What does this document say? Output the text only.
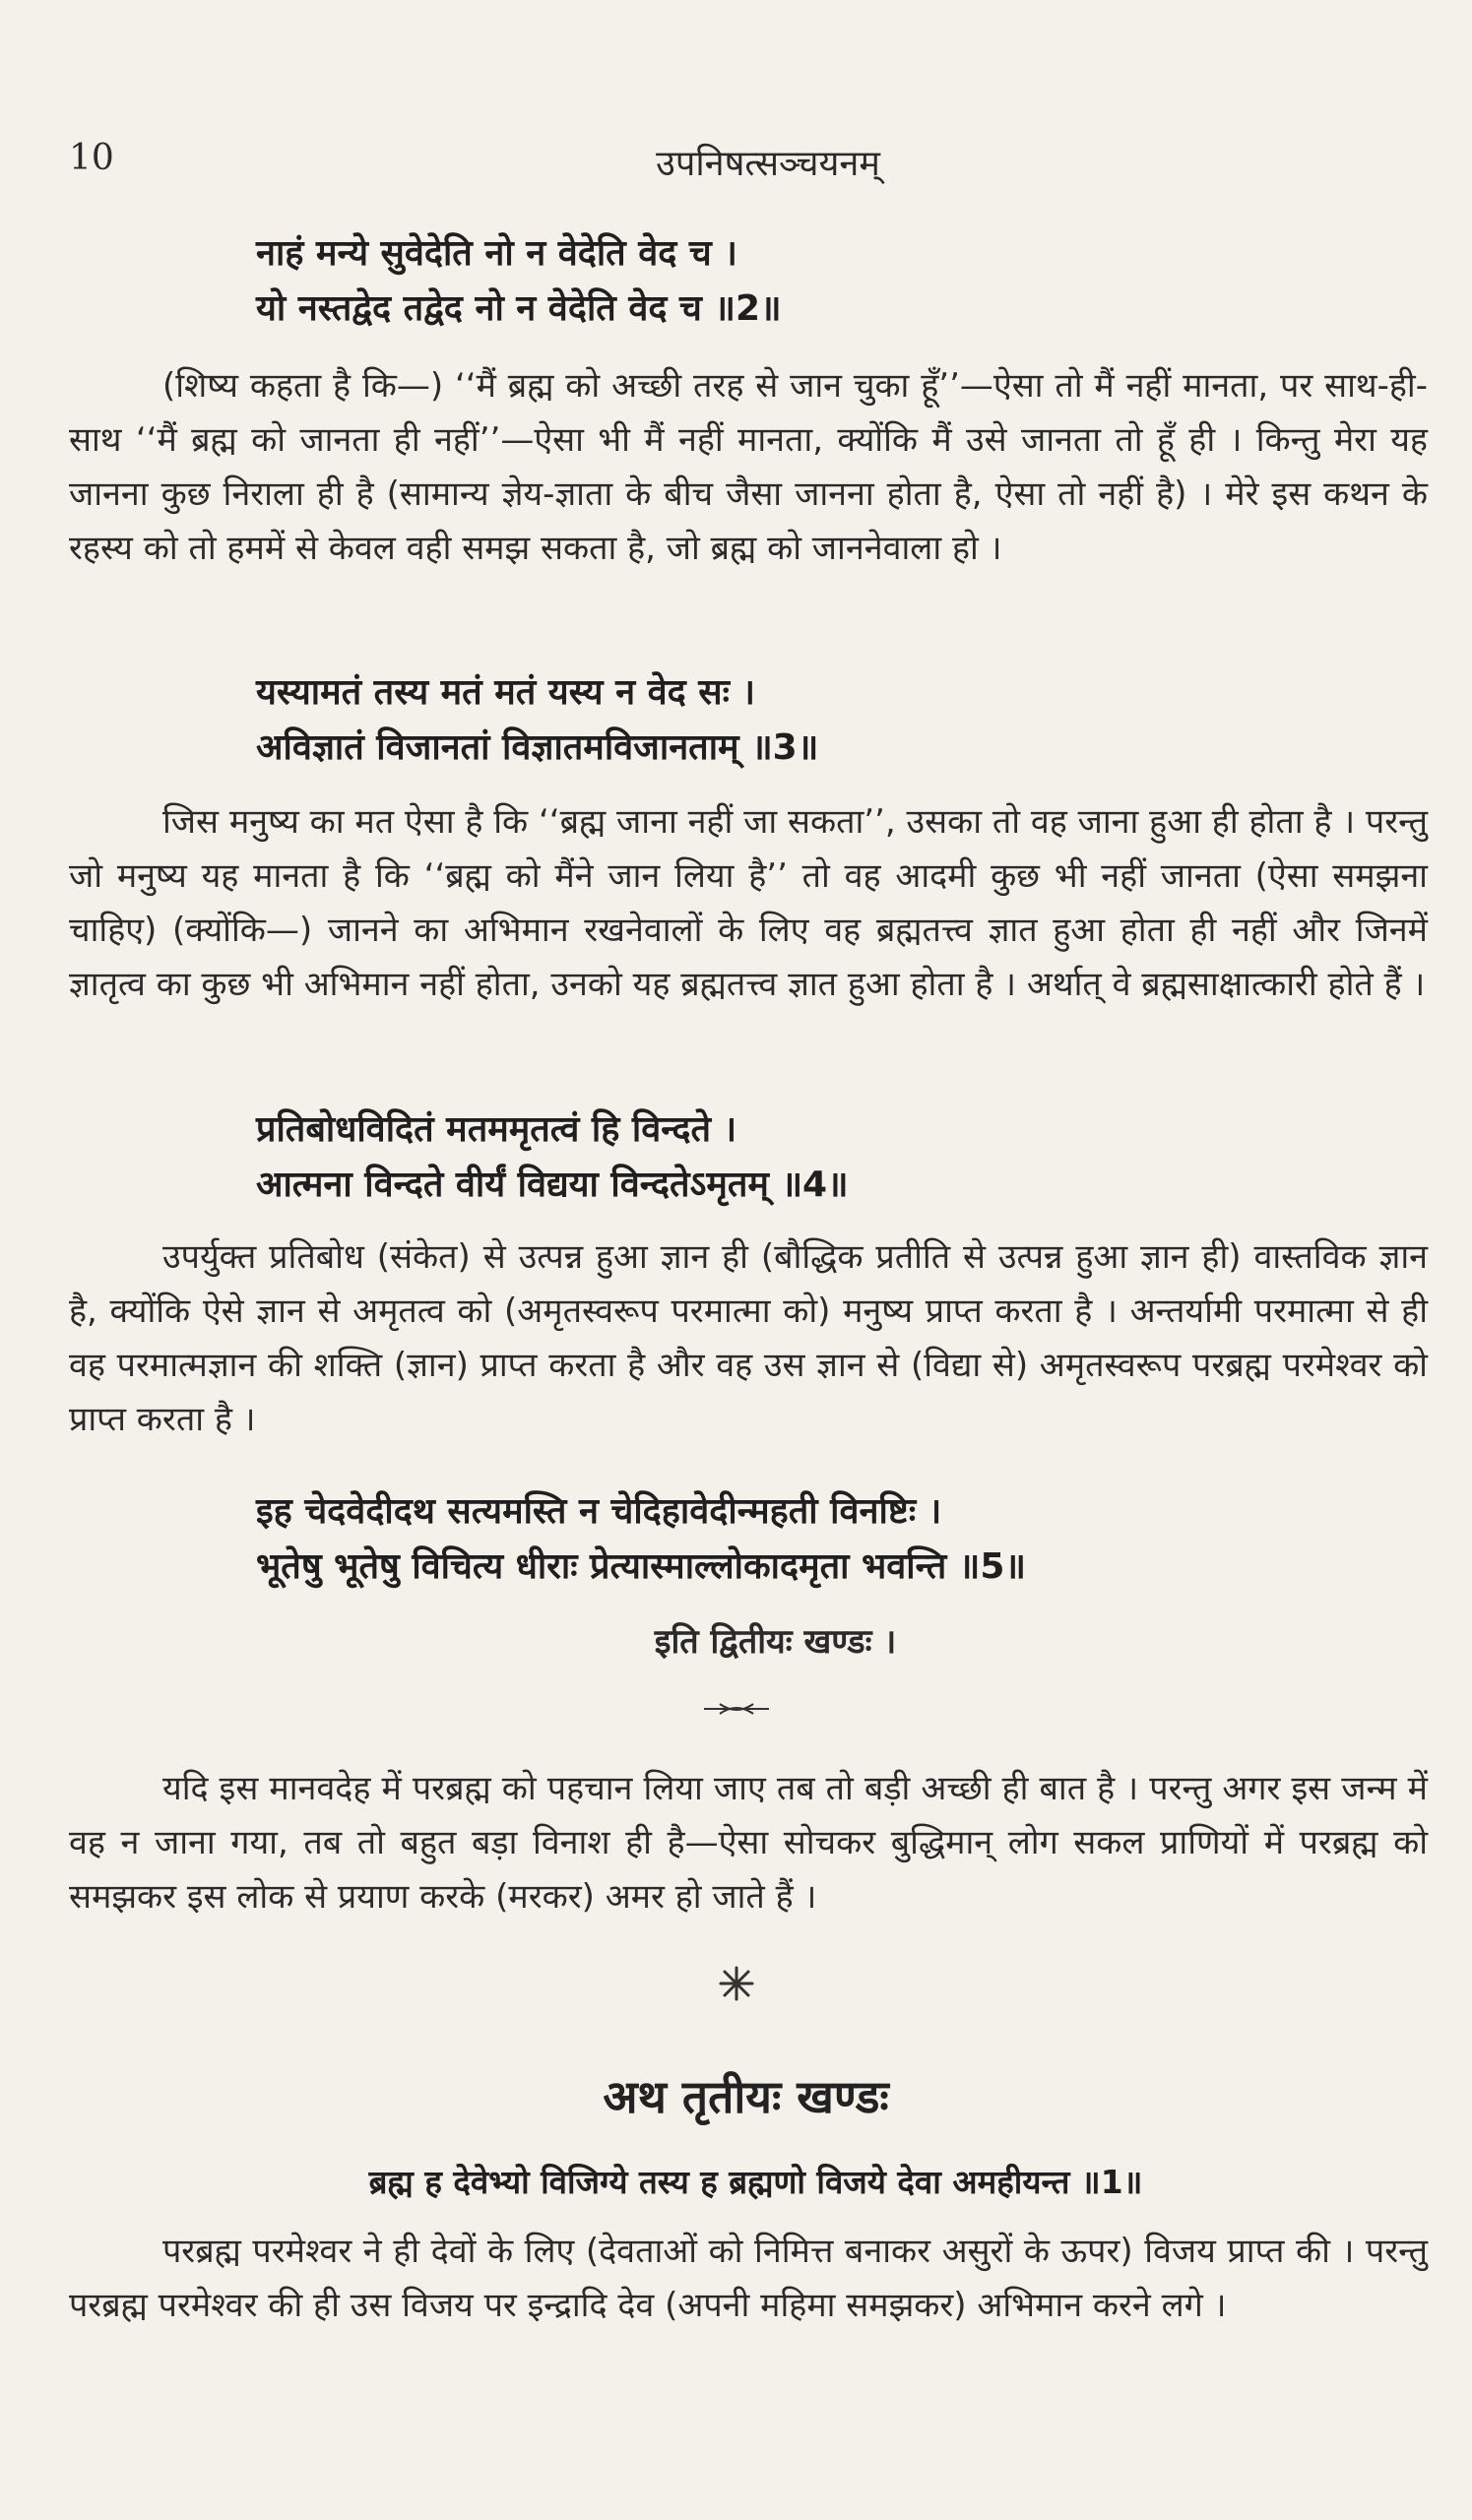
10	उपनिषत्सञ्चयनम्
नाहं मन्ये सुवेदेति नो न वेदेति वेद च ।
यो नस्तद्वेद तद्वेद नो न वेदेति वेद च ॥2॥

(शिष्य कहता है कि—) ‘‘मैं ब्रह्म को अच्छी तरह से जान चुका हूँ’’—ऐसा तो मैं नहीं मानता, पर साथ-ही-साथ ‘‘मैं ब्रह्म को जानता ही नहीं’’—ऐसा भी मैं नहीं मानता, क्योंकि मैं उसे जानता तो हूँ ही । किन्तु मेरा यह जानना कुछ निराला ही है (सामान्य ज्ञेय-ज्ञाता के बीच जैसा जानना होता है, ऐसा तो नहीं है) । मेरे इस कथन के रहस्य को तो हममें से केवल वही समझ सकता है, जो ब्रह्म को जाननेवाला हो ।

यस्यामतं तस्य मतं मतं यस्य न वेद सः ।
अविज्ञातं विजानतां विज्ञातमविजानताम् ॥3॥

जिस मनुष्य का मत ऐसा है कि ‘‘ब्रह्म जाना नहीं जा सकता’’, उसका तो वह जाना हुआ ही होता है । परन्तु जो मनुष्य यह मानता है कि ‘‘ब्रह्म को मैंने जान लिया है’’ तो वह आदमी कुछ भी नहीं जानता (ऐसा समझना चाहिए) (क्योंकि—) जानने का अभिमान रखनेवालों के लिए वह ब्रह्मतत्त्व ज्ञात हुआ होता ही नहीं और जिनमें ज्ञातृत्व का कुछ भी अभिमान नहीं होता, उनको यह ब्रह्मतत्त्व ज्ञात हुआ होता है । अर्थात् वे ब्रह्मसाक्षात्कारी होते हैं ।

प्रतिबोधविदितं मतममृतत्वं हि विन्दते ।
आत्मना विन्दते वीर्यं विद्यया विन्दतेऽमृतम् ॥4॥

उपर्युक्त प्रतिबोध (संकेत) से उत्पन्न हुआ ज्ञान ही (बौद्धिक प्रतीति से उत्पन्न हुआ ज्ञान ही) वास्तविक ज्ञान है, क्योंकि ऐसे ज्ञान से अमृतत्व को (अमृतस्वरूप परमात्मा को) मनुष्य प्राप्त करता है । अन्तर्यामी परमात्मा से ही वह परमात्मज्ञान की शक्ति (ज्ञान) प्राप्त करता है और वह उस ज्ञान से (विद्या से) अमृतस्वरूप परब्रह्म परमेश्वर को प्राप्त करता है ।

इह चेदवेदीदथ सत्यमस्ति न चेदिहावेदीन्महती विनष्टिः ।
भूतेषु भूतेषु विचित्य धीराः प्रेत्यास्माल्लोकादमृता भवन्ति ॥5॥
इति द्वितीयः खण्डः ।

यदि इस मानवदेह में परब्रह्म को पहचान लिया जाए तब तो बड़ी अच्छी ही बात है । परन्तु अगर इस जन्म में वह न जाना गया, तब तो बहुत बड़ा विनाश ही है—ऐसा सोचकर बुद्धिमान् लोग सकल प्राणियों में परब्रह्म को समझकर इस लोक से प्रयाण करके (मरकर) अमर हो जाते हैं ।

अथ तृतीयः खण्डः
ब्रह्म ह देवेभ्यो विजिग्ये तस्य ह ब्रह्मणो विजये देवा अमहीयन्त ॥1॥

परब्रह्म परमेश्वर ने ही देवों के लिए (देवताओं को निमित्त बनाकर असुरों के ऊपर) विजय प्राप्त की । परन्तु परब्रह्म परमेश्वर की ही उस विजय पर इन्द्रादि देव (अपनी महिमा समझकर) अभिमान करने लगे ।
